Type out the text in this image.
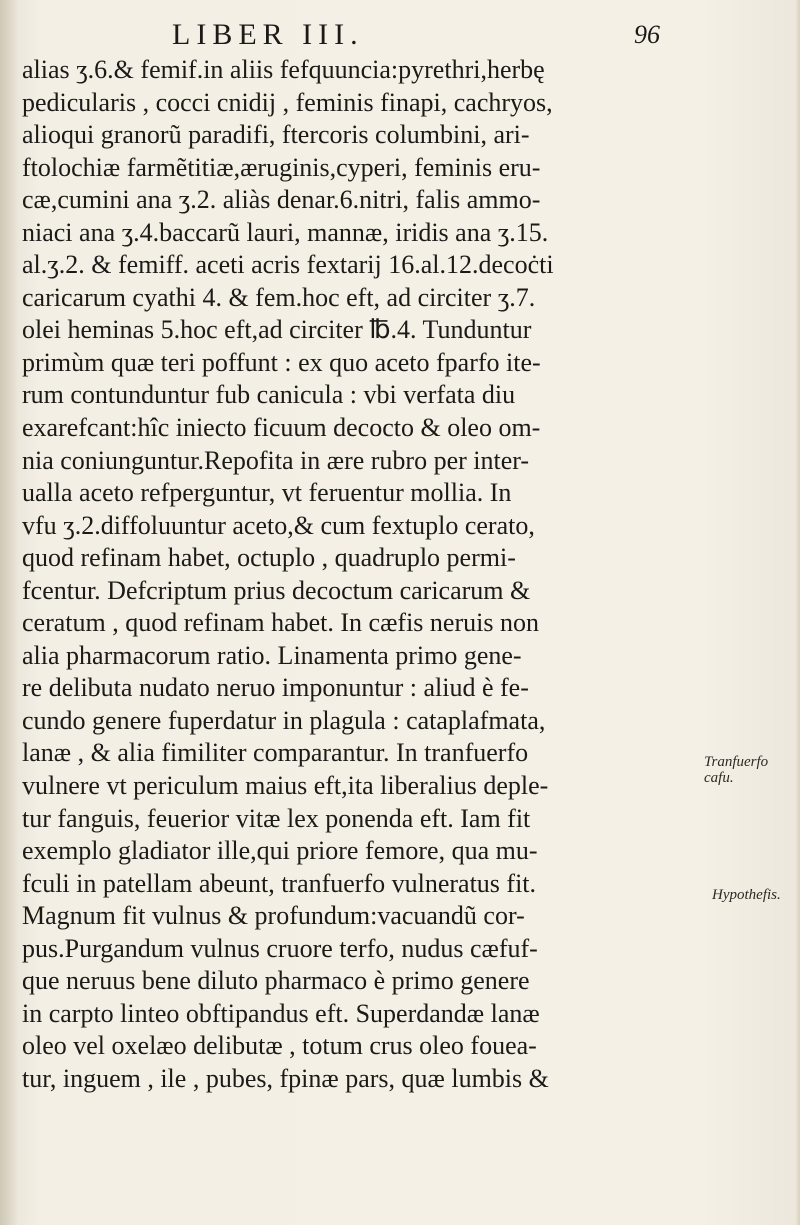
LIBER III.	96
alias ʒ.6.& femif.in aliis fefquuncia:pyrethri,herbę
pedicularis , cocci cnidij , feminis finapi, cachryos,
alioqui granorũ paradifi, ftercoris columbini, ari-
ftolochiæ farmẽtitiæ,æruginis,cyperi, feminis eru-
cæ,cumini ana ʒ.2. aliàs denar.6.nitri, falis ammo-
niaci ana ʒ.4.baccarũ lauri, mannæ, iridis ana ʒ.15.
al.ʒ.2. & femiff. aceti acris fextarij 16.al.12.decoċti
caricarum cyathi 4. & fem.hoc eft, ad circiter ʒ.7.
olei heminas 5.hoc eft,ad circiter ℔.4. Tunduntur
primùm quæ teri poffunt : ex quo aceto fparfo ite-
rum contunduntur fub canicula : vbi verfata diu
exarefcant:hîc iniecto ficuum decocto & oleo om-
nia coniunguntur.Repofita in ære rubro per inter-
ualla aceto refperguntur, vt feruentur mollia. In
vfu ʒ.2.diffoluuntur aceto,& cum fextuplo cerato,
quod refinam habet, octuplo , quadruplo permi-
fcentur. Defcriptum prius decoctum caricarum &
ceratum , quod refinam habet. In cæfis neruis non
alia pharmacorum ratio. Linamenta primo gene-
re delibuta nudato neruo imponuntur : aliud è fe-
cundo genere fuperdatur in plagula : cataplafmata,
lanæ , & alia fimiliter comparantur. In tranfuerfo
vulnere vt periculum maius eft,ita liberalius deple-
tur fanguis, feuerior vitæ lex ponenda eft. Iam fit
exemplo gladiator ille,qui priore femore, qua mu-
fculi in patellam abeunt, tranfuerfo vulneratus fit.
Magnum fit vulnus & profundum:vacuandũ cor-
pus.Purgandum vulnus cruore terfo, nudus cæfuf-
que neruus bene diluto pharmaco è primo genere
in carpto linteo obftipandus eft. Superdandæ lanæ
oleo vel oxelæo delibutæ , totum crus oleo fouea-
tur, inguem , ile , pubes, fpinæ pars, quæ lumbis &
Tranfuerfo cafu.
Hypothefis.
